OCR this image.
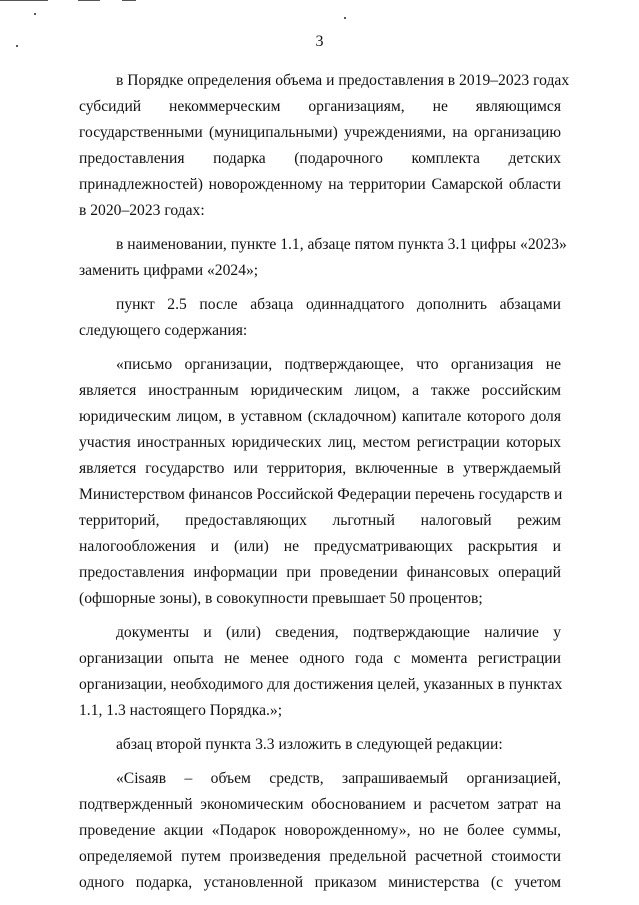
3
в Порядке определения объема и предоставления в 2019–2023 годах
субсидий некоммерческим организациям, не являющимся
государственными (муниципальными) учреждениями, на организацию
предоставления подарка (подарочного комплекта детских
принадлежностей) новорожденному на территории Самарской области
в 2020–2023 годах:
в наименовании, пункте 1.1, абзаце пятом пункта 3.1 цифры «2023»
заменить цифрами «2024»;
пункт 2.5 после абзаца одиннадцатого дополнить абзацами
следующего содержания:
«письмо организации, подтверждающее, что организация не
является иностранным юридическим лицом, а также российским
юридическим лицом, в уставном (складочном) капитале которого доля
участия иностранных юридических лиц, местом регистрации которых
является государство или территория, включенные в утверждаемый
Министерством финансов Российской Федерации перечень государств и
территорий, предоставляющих льготный налоговый режим
налогообложения и (или) не предусматривающих раскрытия и
предоставления информации при проведении финансовых операций
(офшорные зоны), в совокупности превышает 50 процентов;
документы и (или) сведения, подтверждающие наличие у
организации опыта не менее одного года с момента регистрации
организации, необходимого для достижения целей, указанных в пунктах
1.1, 1.3 настоящего Порядка.»;
абзац второй пункта 3.3 изложить в следующей редакции:
«Cіsаяв – объем средств, запрашиваемый организацией,
подтвержденный экономическим обоснованием и расчетом затрат на
проведение акции «Подарок новорожденному», но не более суммы,
определяемой путем произведения предельной расчетной стоимости
одного подарка, установленной приказом министерства (с учетом
